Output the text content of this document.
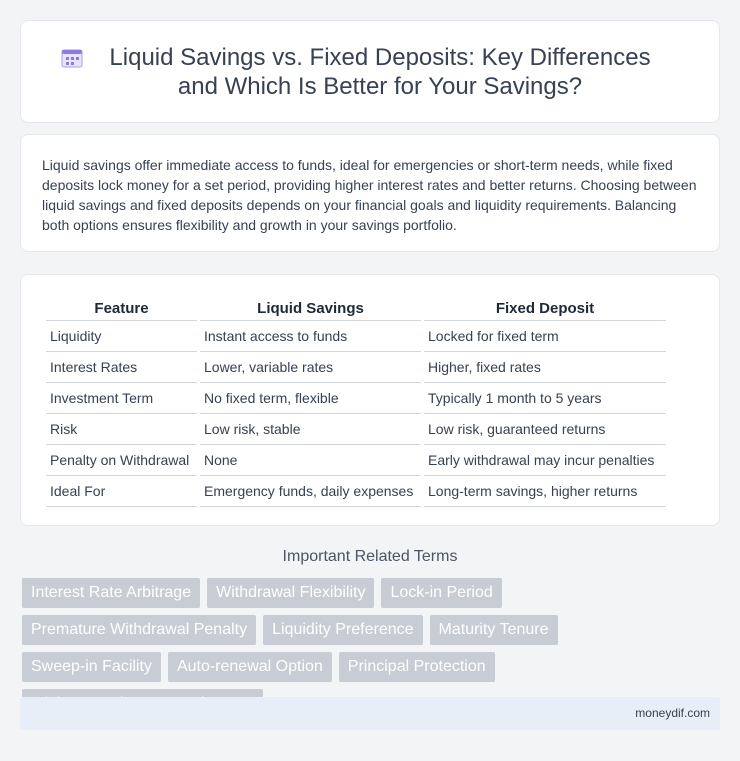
Liquid Savings vs. Fixed Deposits: Key Differences and Which Is Better for Your Savings?

Liquid savings offer immediate access to funds, ideal for emergencies or short-term needs, while fixed deposits lock money for a set period, providing higher interest rates and better returns. Choosing between liquid savings and fixed deposits depends on your financial goals and liquidity requirements. Balancing both options ensures flexibility and growth in your savings portfolio.

Feature	Liquid Savings	Fixed Deposit
Liquidity	Instant access to funds	Locked for fixed term
Interest Rates	Lower, variable rates	Higher, fixed rates
Investment Term	No fixed term, flexible	Typically 1 month to 5 years
Risk	Low risk, stable	Low risk, guaranteed returns
Penalty on Withdrawal	None	Early withdrawal may incur penalties
Ideal For	Emergency funds, daily expenses	Long-term savings, higher returns
Important Related Terms
Interest Rate Arbitrage	Withdrawal Flexibility	Lock-in Period
Premature Withdrawal Penalty	Liquidity Preference	Maturity Tenure
Sweep-in Facility	Auto-renewal Option	Principal Protection
moneydif.com
